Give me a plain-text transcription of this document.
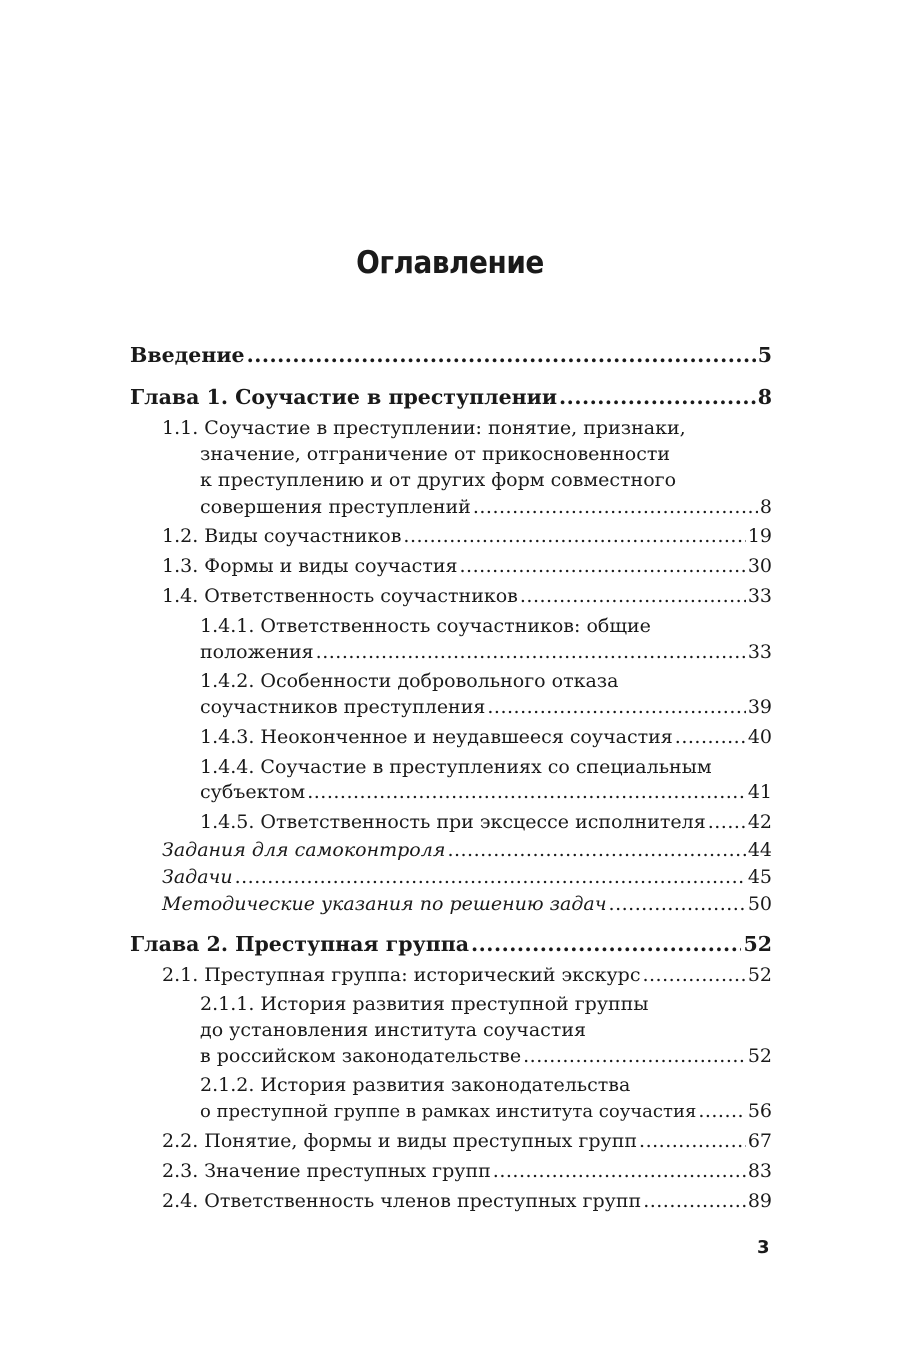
Оглавление
Введение .....	5
Глава 1. Соучастие в преступлении .....	8
1.1. Соучастие в преступлении: понятие, признаки,
значение, отграничение от прикосновенности
к преступлению и от других форм совместного
совершения преступлений .....	8
1.2. Виды соучастников .....	19
1.3. Формы и виды соучастия .....	30
1.4. Ответственность соучастников .....	33
1.4.1. Ответственность соучастников: общие
положения .....	33
1.4.2. Особенности добровольного отказа
соучастников преступления .....	39
1.4.3. Неоконченное и неудавшееся соучастия .....	40
1.4.4. Соучастие в преступлениях со специальным
субъектом .....	41
1.4.5. Ответственность при эксцессе исполнителя ..... 42
Задания для самоконтроля .....	44
Задачи .....	45
Методические указания по решению задач .....	50
Глава 2. Преступная группа .....	52
2.1. Преступная группа: исторический экскурс .....	52
2.1.1. История развития преступной группы
до установления института соучастия
в российском законодательстве .....	52
2.1.2. История развития законодательства
о преступной группе в рамках института соучастия .....	56
2.2. Понятие, формы и виды преступных групп .....	67
2.3. Значение преступных групп .....	83
2.4. Ответственность членов преступных групп .....	89
3
